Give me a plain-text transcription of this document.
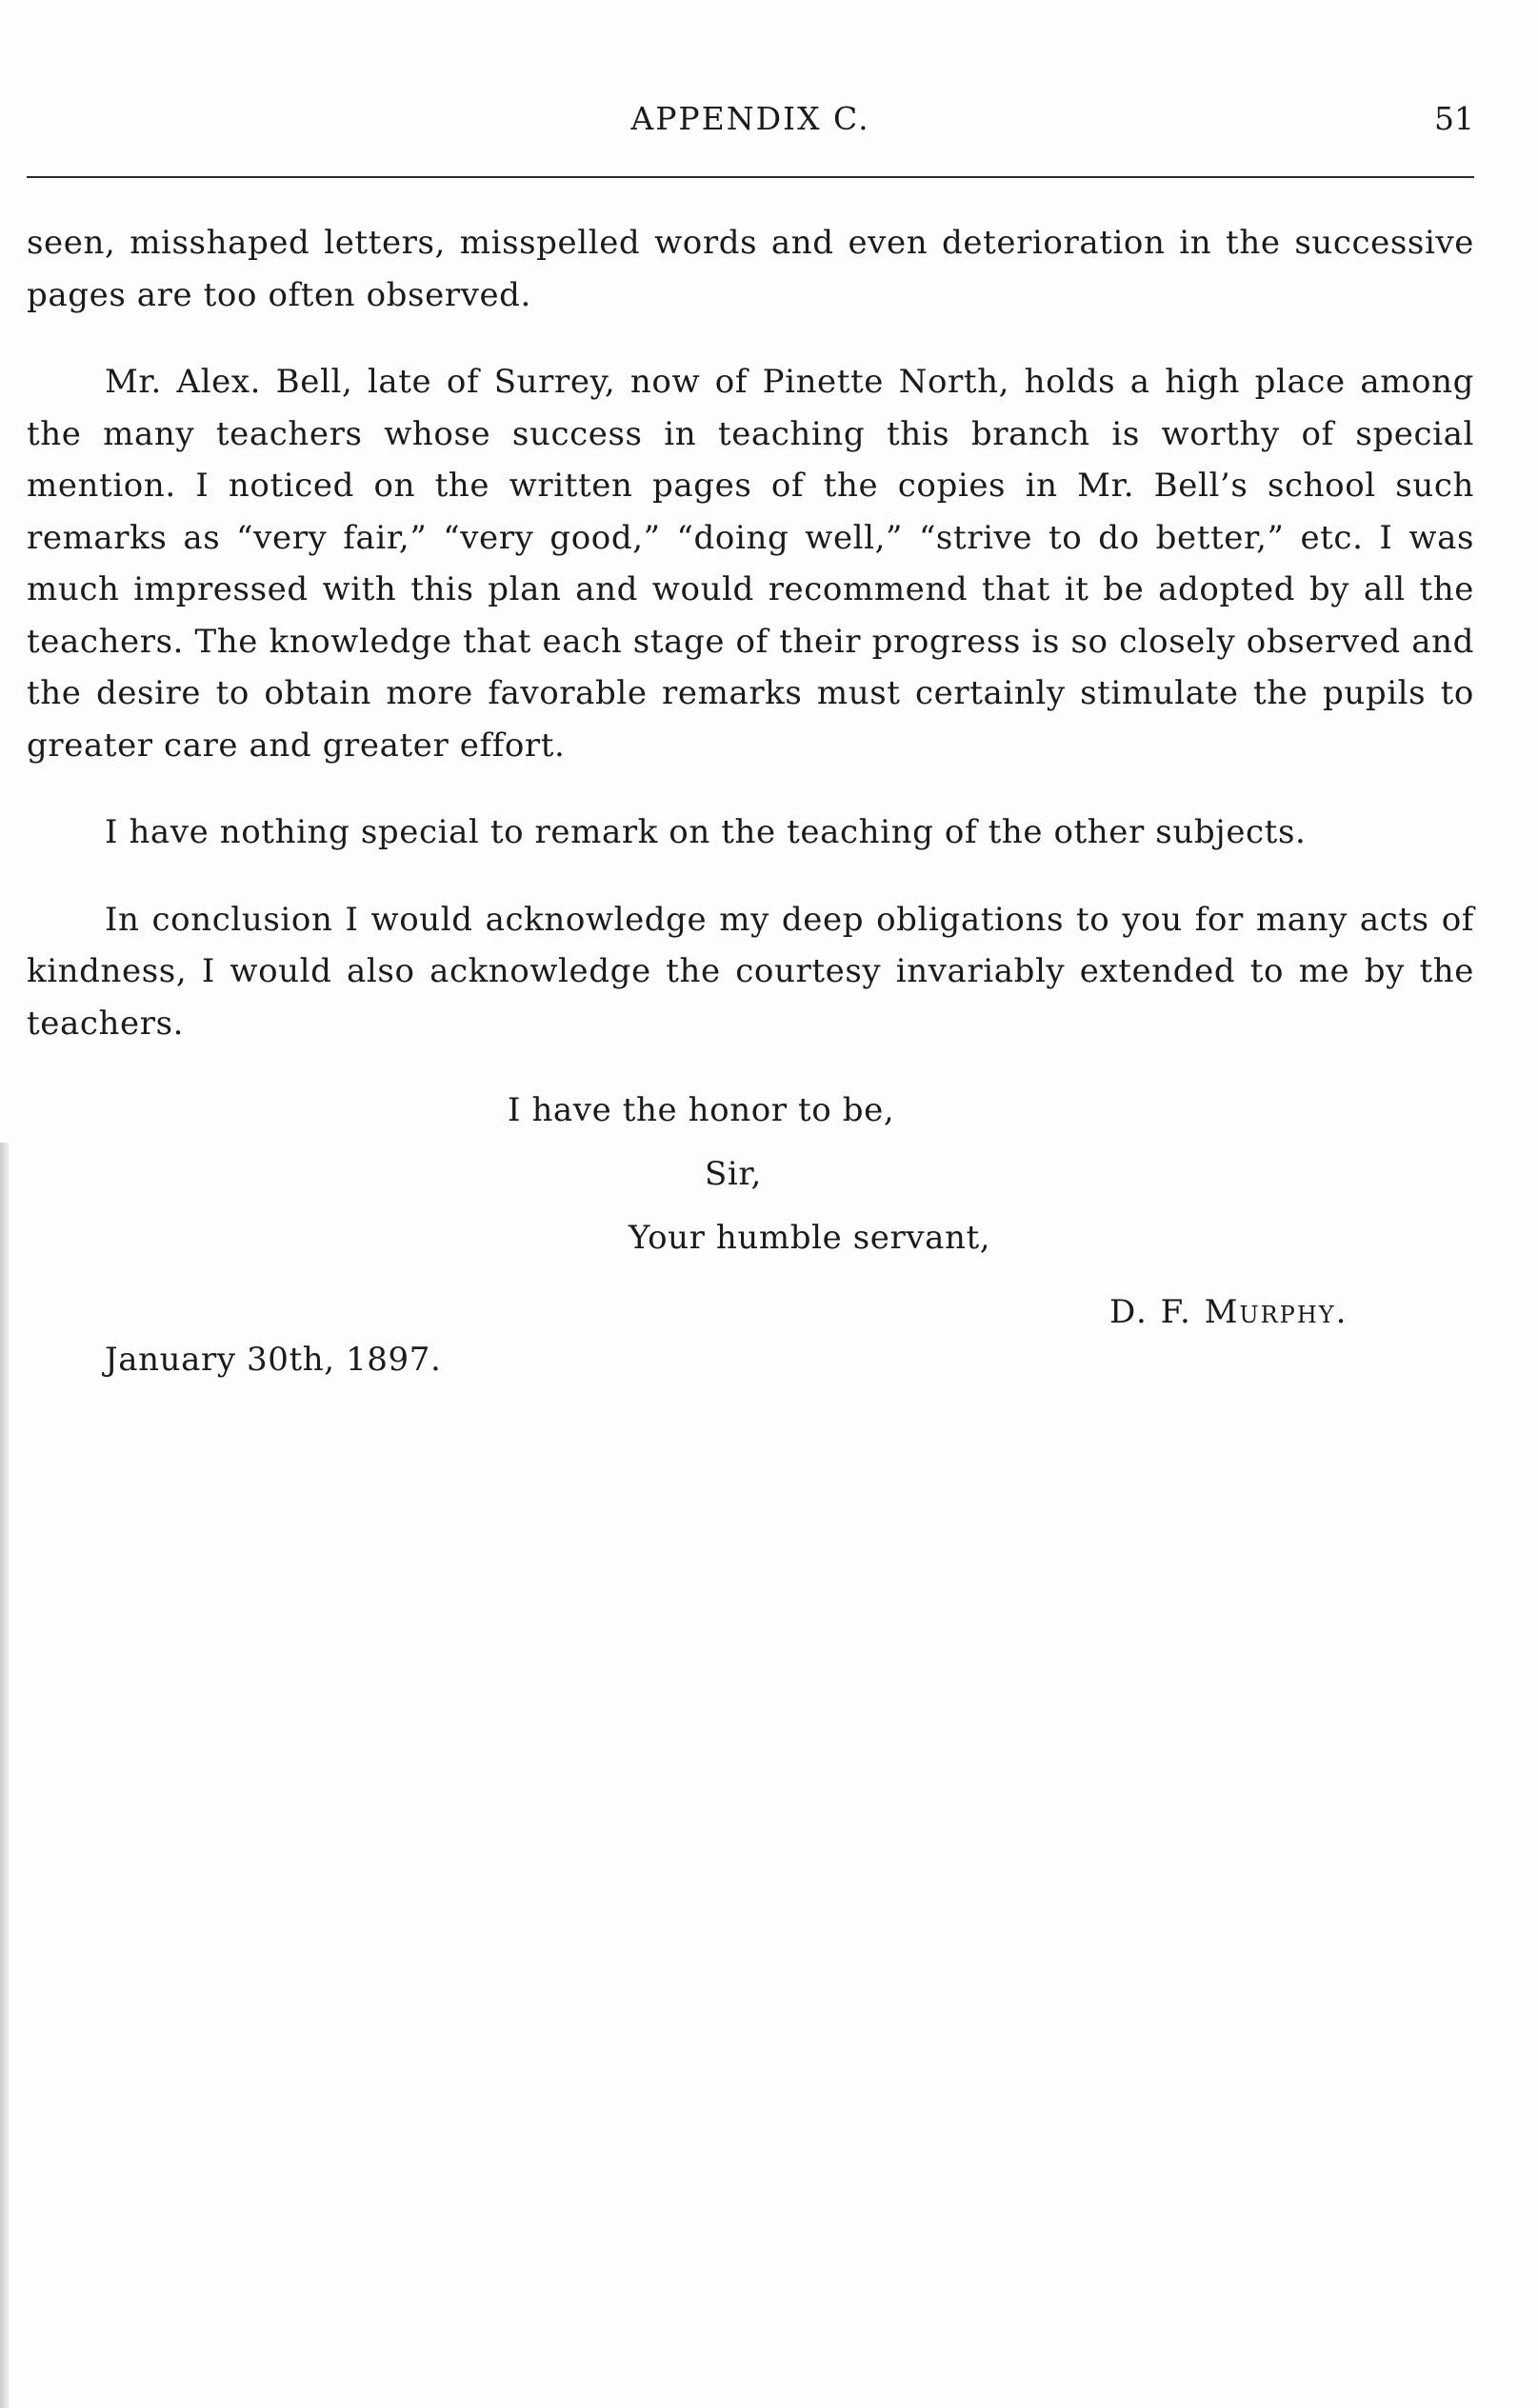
APPENDIX C.	51

seen, misshaped letters, misspelled words and even deterioration in the successive pages are too often observed.

Mr. Alex. Bell, late of Surrey, now of Pinette North, holds a high place among the many teachers whose success in teaching this branch is worthy of special mention. I noticed on the written pages of the copies in Mr. Bell’s school such remarks as “very fair,” “very good,” “doing well,” “strive to do better,” etc. I was much impressed with this plan and would recommend that it be adopted by all the teachers. The knowledge that each stage of their progress is so closely observed and the desire to obtain more favorable remarks must certainly stimulate the pupils to greater care and greater effort.

I have nothing special to remark on the teaching of the other subjects.

In conclusion I would acknowledge my deep obligations to you for many acts of kindness, I would also acknowledge the courtesy invariably extended to me by the teachers.

I have the honor to be,
Sir,
Your humble servant,
D. F. Murphy.
January 30th, 1897.
